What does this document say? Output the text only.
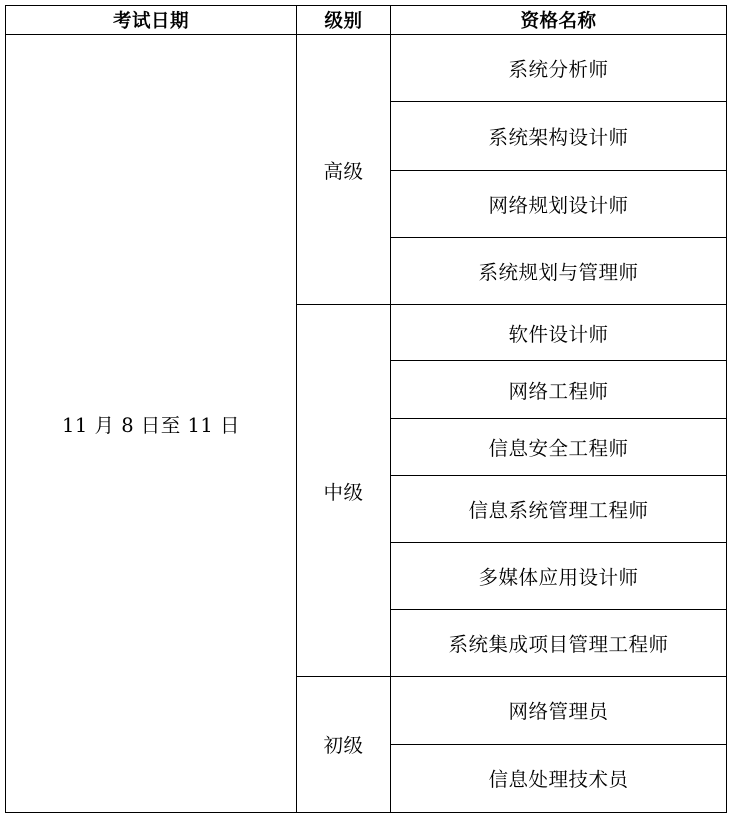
考试日期	级别	资格名称
11 月 8 日至 11 日	高级	系统分析师
		系统架构设计师
		网络规划设计师
		系统规划与管理师
	中级	软件设计师
		网络工程师
		信息安全工程师
		信息系统管理工程师
		多媒体应用设计师
		系统集成项目管理工程师
	初级	网络管理员
		信息处理技术员
